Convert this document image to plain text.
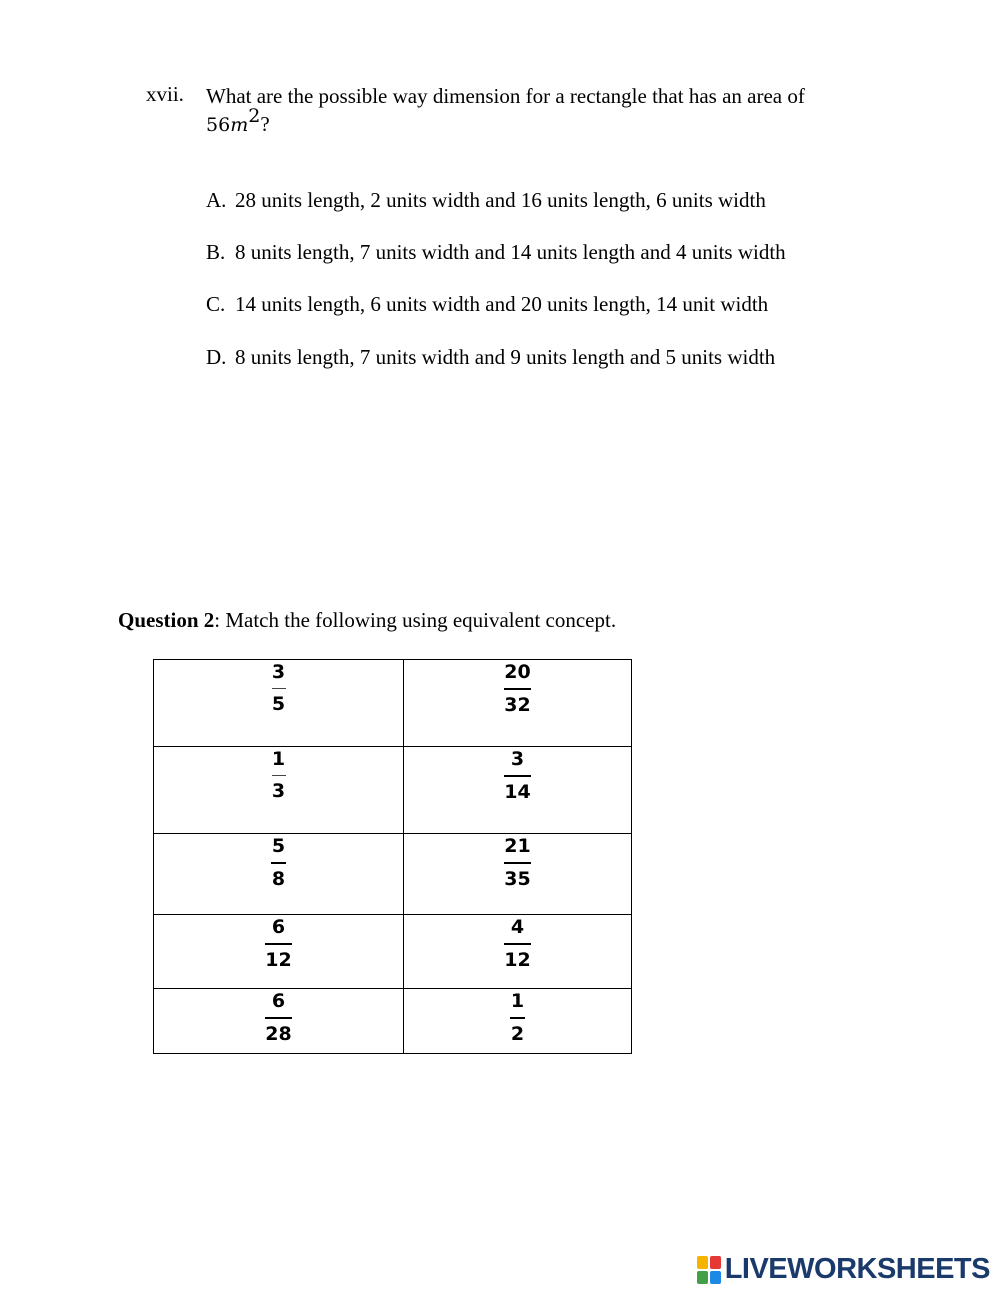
xvii. What are the possible way dimension for a rectangle that has an area of
$56m^2$?
A. 28 units length, 2 units width and 16 units length, 6 units width
B. 8 units length, 7 units width and 14 units length and 4 units width
C. 14 units length, 6 units width and 20 units length, 14 unit width
D. 8 units length, 7 units width and 9 units length and 5 units width
Question 2: Match the following using equivalent concept.
$\frac{3}{5}$	$\frac{20}{32}$

$\frac{1}{3}$	$\frac{3}{14}$

$\frac{5}{8}$	$\frac{21}{35}$

$\frac{6}{12}$	$\frac{4}{12}$

$\frac{6}{28}$	$\frac{1}{2}$
LIVEWORKSHEETS
